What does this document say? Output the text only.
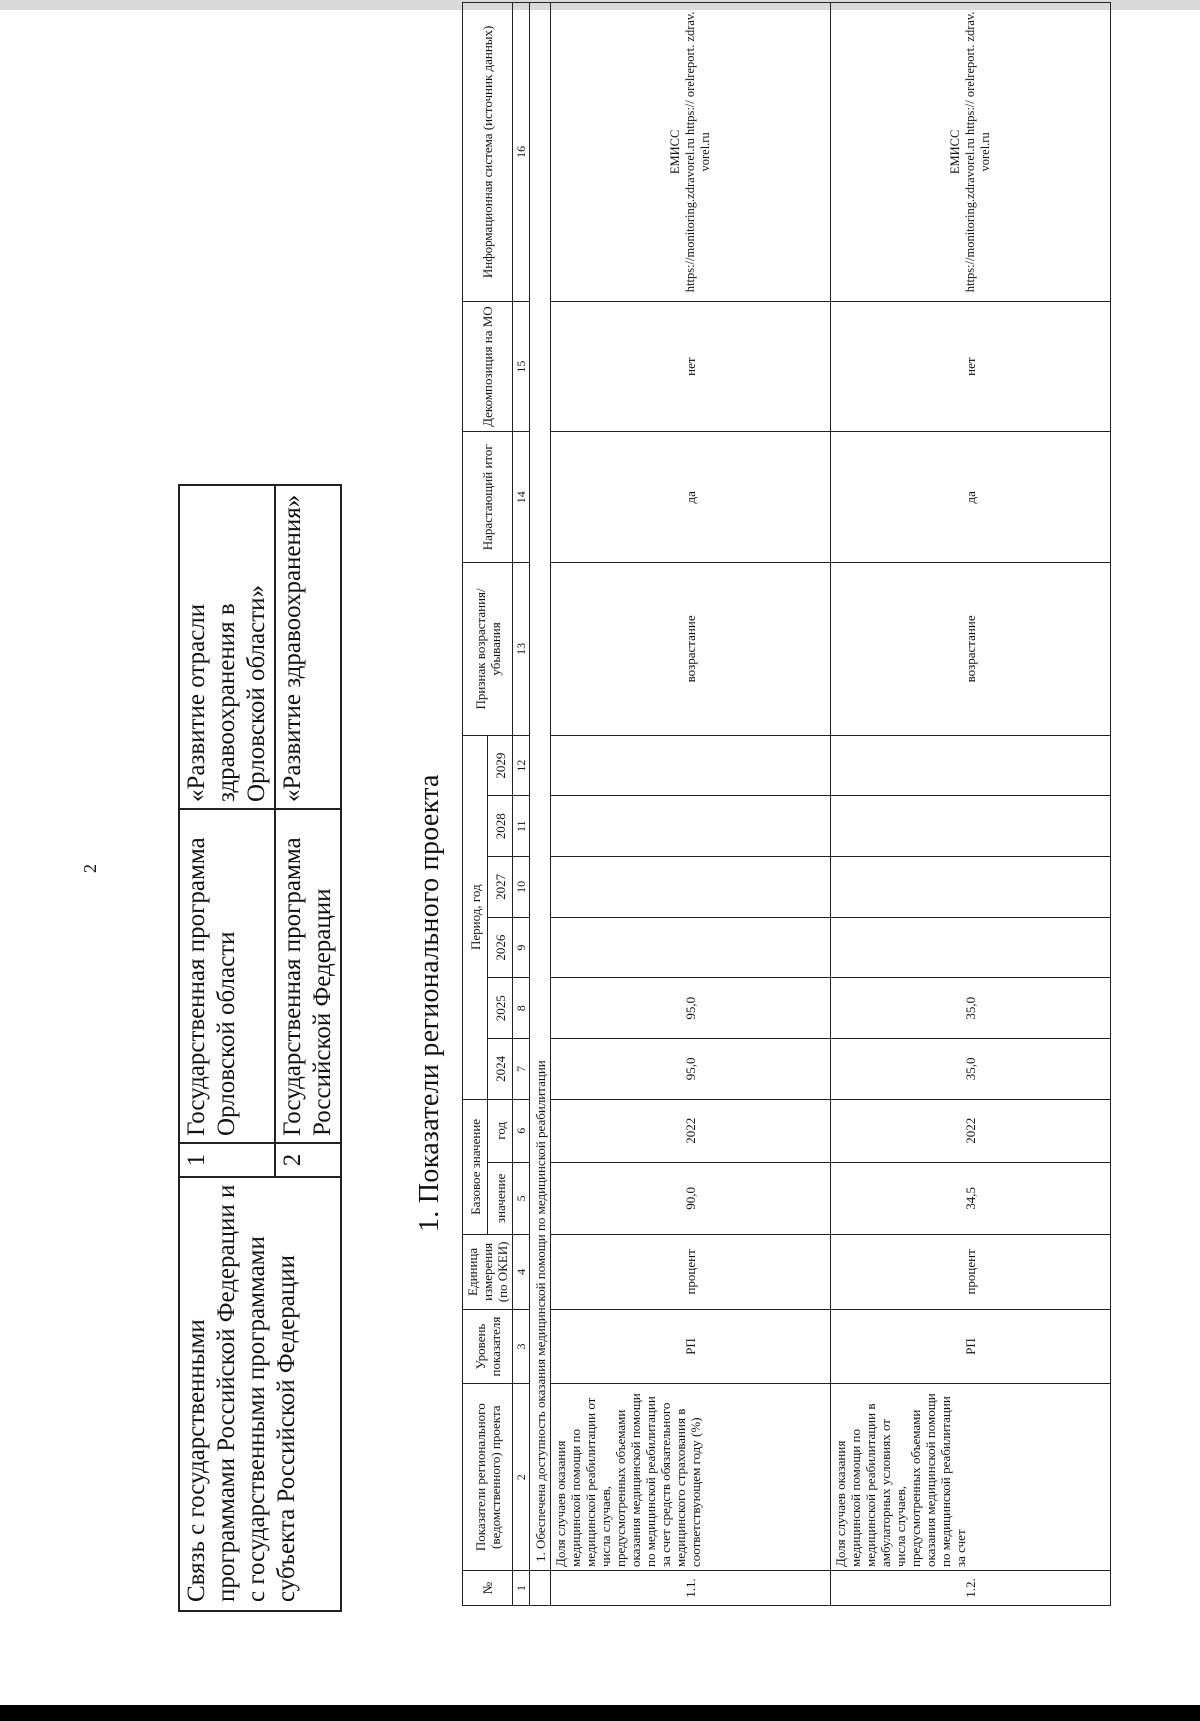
2
Связь с государственными программами Российской Федерации и с государственными программами субъекта Российской Федерации	1	Государственная программа Орловской области	«Развитие отрасли здравоохранения в Орловской области»
	2	Государственная программа Российской Федерации	«Развитие здравоохранения»
1. Показатели регионального проекта
№	Показатели регионального (ведомственного) проекта	Уровень показателя	Единица измерения (по ОКЕИ)	Базовое значение		Период, год						Признак возрастания/убывания	Нарастающий итог	Декомпозиция на МО	Информационная система (источник данных)
				значение	год	2024	2025	2026	2027	2028	2029				
1	2	3	4	5	6	7	8	9	10	11	12	13	14	15	16
	1. Обеспечена доступность оказания медицинской помощи по медицинской реабилитации														
1.1.	Доля случаев оказания медицинской помощи по медицинской реабилитации от числа случаев, предусмотренных объемами оказания медицинской помощи по медицинской реабилитации за счет средств обязательного медицинского страхования в соответствующем году (%)	РП	процент	90,0	2022	95,0	95,0					возрастание	да	нет	ЕМИСС https://monitoring.zdravorel.ru https:// orelreport. zdrav. vorel.ru

1.2.	Доля случаев оказания медицинской помощи по медицинской реабилитации в амбулаторных условиях от числа случаев, предусмотренных объемами оказания медицинской помощи по медицинской реабилитации за счет	РП	процент	34,5	2022	35,0	35,0					возрастание	да	нет	ЕМИСС https://monitoring.zdravorel.ru https:// orelreport. zdrav. vorel.ru
